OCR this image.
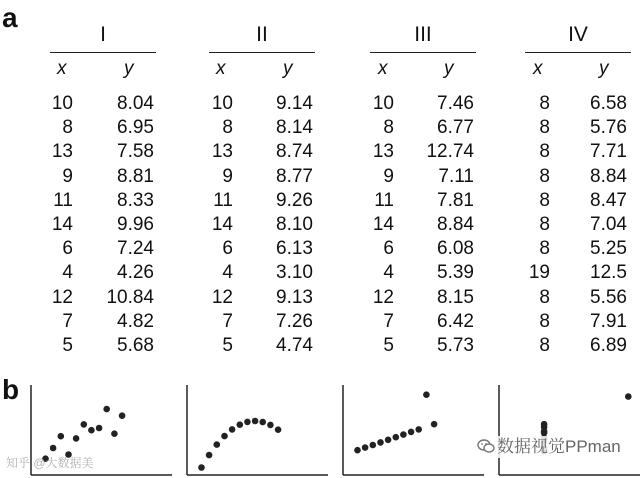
a
b
I
x	y
10 8.04
8 6.95
13 7.58
9 8.81
11 8.33
14 9.96
6 7.24
4 4.26
12 10.84
7 4.82
5 5.68
II
x	y
10 9.14
8 8.14
13 8.74
9 8.77
11 9.26
14 8.10
6 6.13
4 3.10
12 9.13
7 7.26
5 4.74
III
x	y
10 7.46
8 6.77
13 12.74
9 7.11
11 7.81
14 8.84
6 6.08
4 5.39
12 8.15
7 6.42
5 5.73
IV
x	y
8 6.58
8 5.76
8 7.71
8 8.84
8 8.47
8 7.04
8 5.25
19 12.5
8 5.56
8 7.91
8 6.89
知乎 @大数据美
数据视觉PPman
